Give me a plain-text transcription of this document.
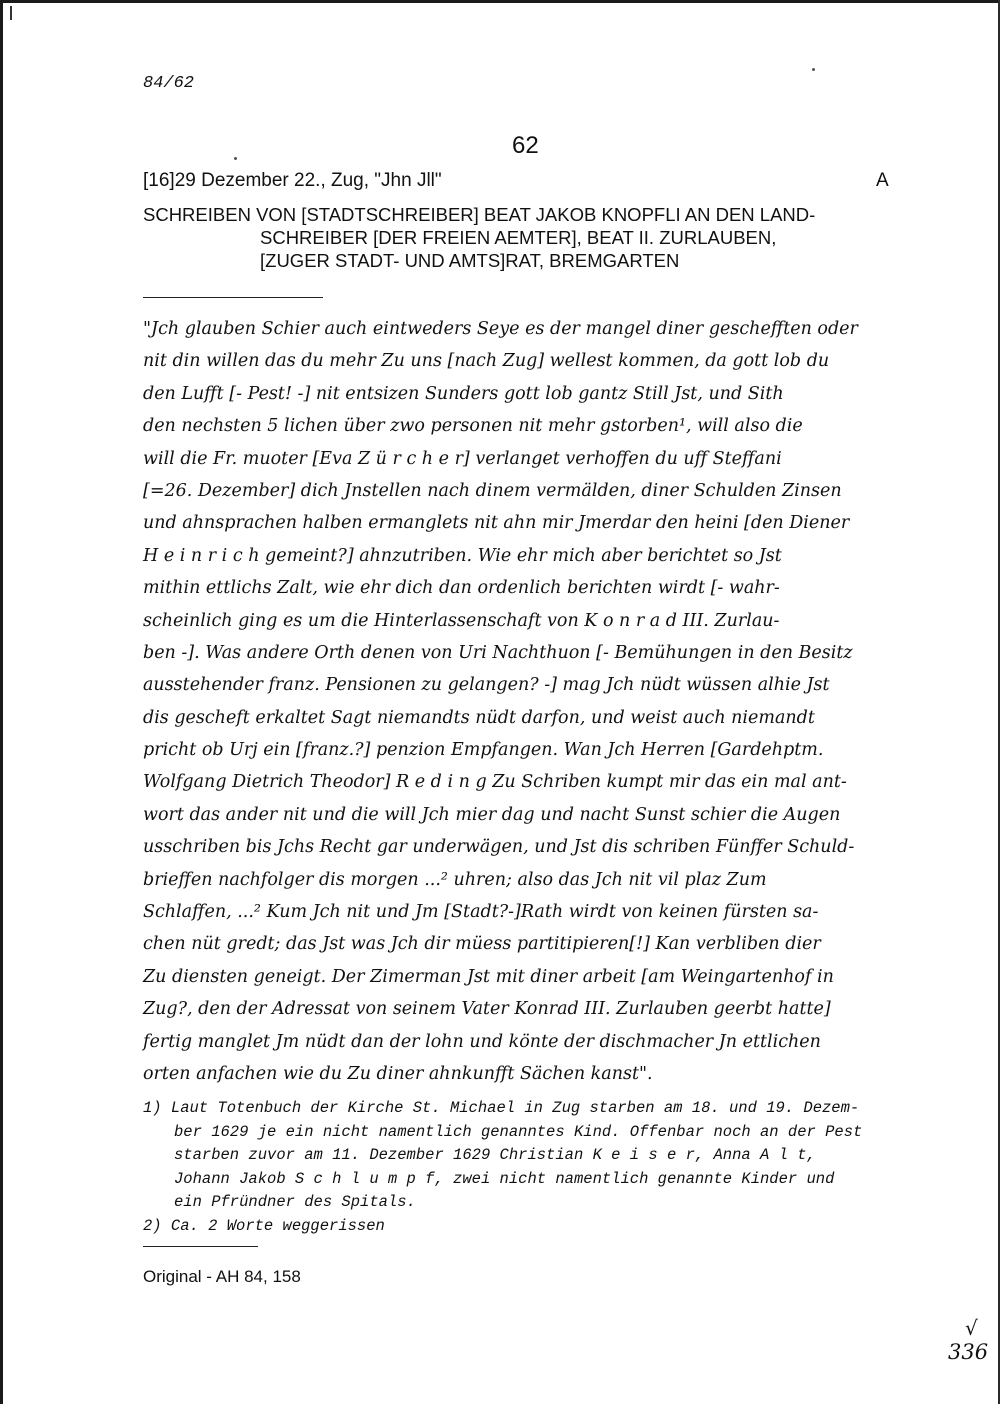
84/62
62
[16]29 Dezember 22., Zug, "Jhn Jll"	A
SCHREIBEN VON [STADTSCHREIBER] BEAT JAKOB KNOPFLI AN DEN LAND-
SCHREIBER [DER FREIEN AEMTER], BEAT II. ZURLAUBEN,
[ZUGER STADT- UND AMTS]RAT, BREMGARTEN
"Jch glauben Schier auch eintweders Seye es der mangel diner geschefften oder
nit din willen das du mehr Zu uns [nach Zug] wellest kommen, da gott lob du
den Lufft [- Pest! -] nit entsizen Sunders gott lob gantz Still Jst, und Sith
den nechsten 5 lichen über zwo personen nit mehr gstorben¹, will also die
will die Fr. muoter [Eva Z ü r c h e r] verlanget verhoffen du uff Steffani
[=26. Dezember] dich Jnstellen nach dinem vermälden, diner Schulden Zinsen
und ahnsprachen halben ermanglets nit ahn mir Jmerdar den heini [den Diener
H e i n r i c h gemeint?] ahnzutriben. Wie ehr mich aber berichtet so Jst
mithin ettlichs Zalt, wie ehr dich dan ordenlich berichten wirdt [- wahr-
scheinlich ging es um die Hinterlassenschaft von K o n r a d III. Zurlau-
ben -]. Was andere Orth denen von Uri Nachthuon [- Bemühungen in den Besitz
ausstehender franz. Pensionen zu gelangen? -] mag Jch nüdt wüssen alhie Jst
dis gescheft erkaltet Sagt niemandts nüdt darfon, und weist auch niemandt
pricht ob Urj ein [franz.?] penzion Empfangen. Wan Jch Herren [Gardehptm.
Wolfgang Dietrich Theodor] R e d i n g Zu Schriben kumpt mir das ein mal ant-
wort das ander nit und die will Jch mier dag und nacht Sunst schier die Augen
usschriben bis Jchs Recht gar underwägen, und Jst dis schriben Fünffer Schuld-
brieffen nachfolger dis morgen ...² uhren; also das Jch nit vil plaz Zum
Schlaffen, ...² Kum Jch nit und Jm [Stadt?-]Rath wirdt von keinen fürsten sa-
chen nüt gredt; das Jst was Jch dir müess partitipieren[!] Kan verbliben dier
Zu diensten geneigt. Der Zimerman Jst mit diner arbeit [am Weingartenhof in
Zug?, den der Adressat von seinem Vater Konrad III. Zurlauben geerbt hatte]
fertig manglet Jm nüdt dan der lohn und könte der dischmacher Jn ettlichen
orten anfachen wie du Zu diner ahnkunfft Sächen kanst".
1) Laut Totenbuch der Kirche St. Michael in Zug starben am 18. und 19. Dezem-
ber 1629 je ein nicht namentlich genanntes Kind. Offenbar noch an der Pest
starben zuvor am 11. Dezember 1629 Christian K e i s e r, Anna A l t,
Johann Jakob S c h l u m p f, zwei nicht namentlich genannte Kinder und
ein Pfründner des Spitals.
2) Ca. 2 Worte weggerissen
Original - AH 84, 158
√
336
